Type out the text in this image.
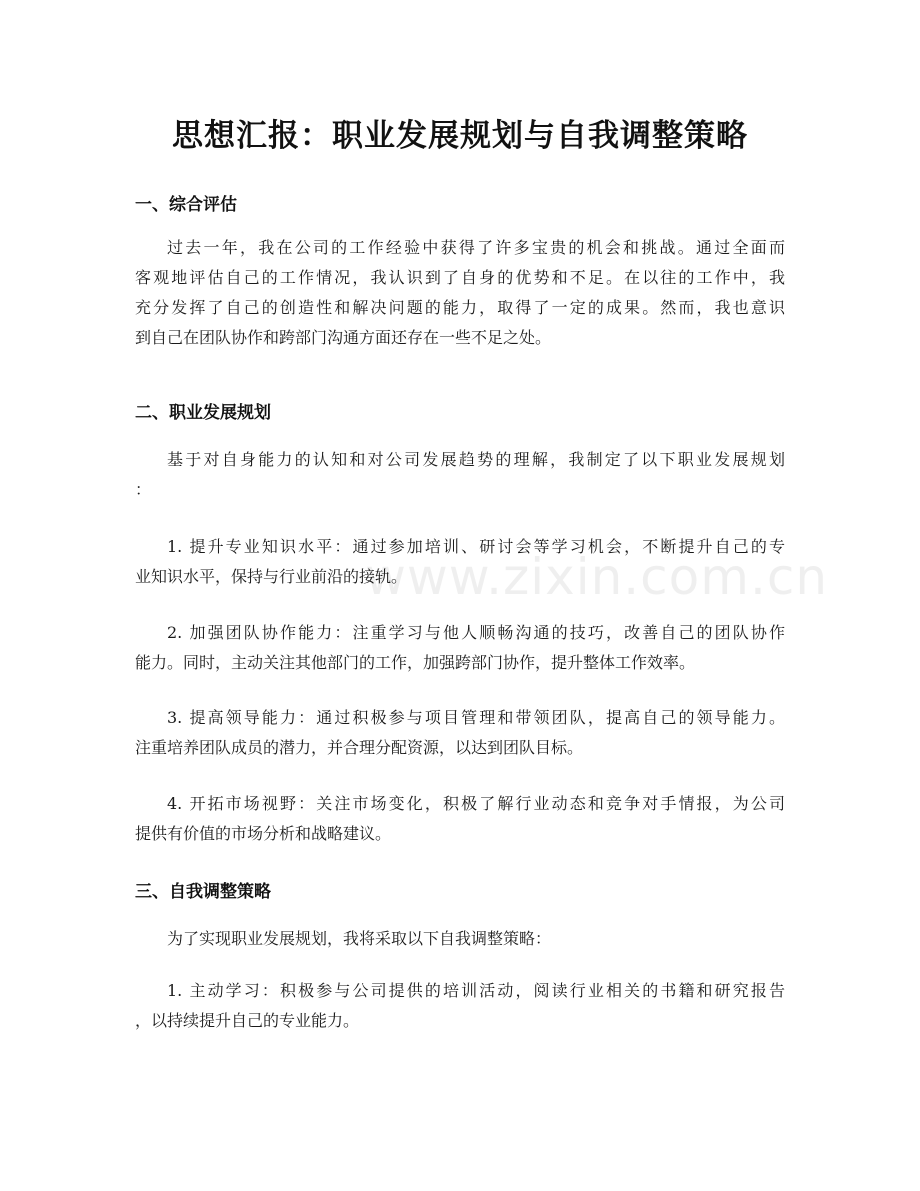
www.zixin.com.cn
思想汇报：职业发展规划与自我调整策略
一、综合评估
过去一年，我在公司的工作经验中获得了许多宝贵的机会和挑战。通过全面而
客观地评估自己的工作情况，我认识到了自身的优势和不足。在以往的工作中，我
充分发挥了自己的创造性和解决问题的能力，取得了一定的成果。然而，我也意识
到自己在团队协作和跨部门沟通方面还存在一些不足之处。
二、职业发展规划
基于对自身能力的认知和对公司发展趋势的理解，我制定了以下职业发展规划
：
1. 提升专业知识水平：通过参加培训、研讨会等学习机会，不断提升自己的专
业知识水平，保持与行业前沿的接轨。
2. 加强团队协作能力：注重学习与他人顺畅沟通的技巧，改善自己的团队协作
能力。同时，主动关注其他部门的工作，加强跨部门协作，提升整体工作效率。
3. 提高领导能力：通过积极参与项目管理和带领团队，提高自己的领导能力。
注重培养团队成员的潜力，并合理分配资源，以达到团队目标。
4. 开拓市场视野：关注市场变化，积极了解行业动态和竞争对手情报，为公司
提供有价值的市场分析和战略建议。
三、自我调整策略
为了实现职业发展规划，我将采取以下自我调整策略：
1. 主动学习：积极参与公司提供的培训活动，阅读行业相关的书籍和研究报告
，以持续提升自己的专业能力。
